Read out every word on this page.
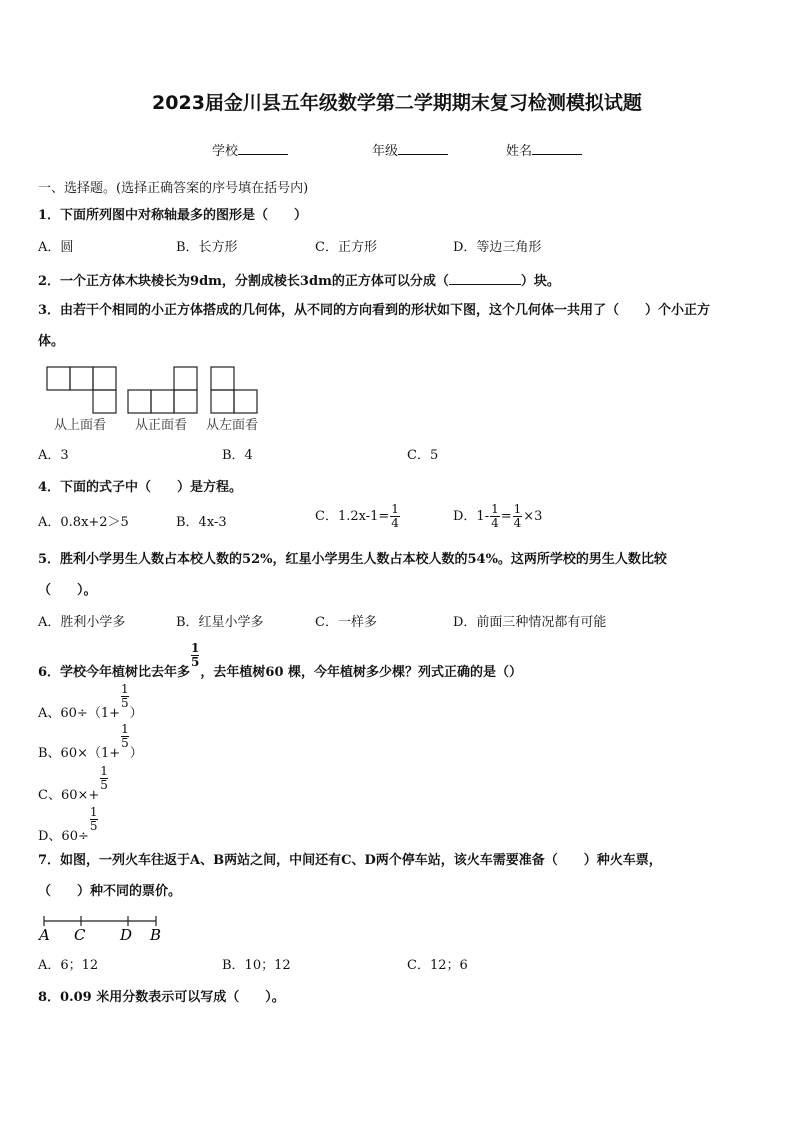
2023届金川县五年级数学第二学期期末复习检测模拟试题
学校	年级	姓名
一、选择题。(选择正确答案的序号填在括号内)
1．下面所列图中对称轴最多的图形是（　　）
A．圆	B．长方形	C．正方形	D．等边三角形
2．一个正方体木块棱长为9dm，分割成棱长3dm的正方体可以分成（	）块。
3．由若干个相同的小正方体搭成的几何体，从不同的方向看到的形状如下图，这个几何体一共用了（　　）个小正方
体。
从上面看 从正面看 从左面看
A．3	B．4	C．5
4．下面的式子中（　　）是方程。
A．0.8x+2＞5	B．4x-3	C．$1.2x-1= \frac{1}{4}$	D．$1- \frac{1}{4} = \frac{1}{4} \times 3$
5．胜利小学男生人数占本校人数的52%，红星小学男生人数占本校人数的54%。这两所学校的男生人数比较
（　　）。
A．胜利小学多	B．红星小学多	C．一样多	D．前面三种情况都有可能
6．学校今年植树比去年多
$\frac{1}{5}$，去年植树60 棵，今年植树多少棵？列式正确的是（）
A、60÷（1+
$\frac{1}{5}$）
B、60×（1+
$\frac{1}{5}$）
C、60×+
$\frac{1}{5}$
D、60÷
$\frac{1}{5}$
7．如图，一列火车往返于A、B两站之间，中间还有C、D两个停车站，该火车需要准备（　　）种火车票，
（　　）种不同的票价。
A C D B
A．6；12	B．10；12	C．12；6
8．0.09 米用分数表示可以写成（　　）。
